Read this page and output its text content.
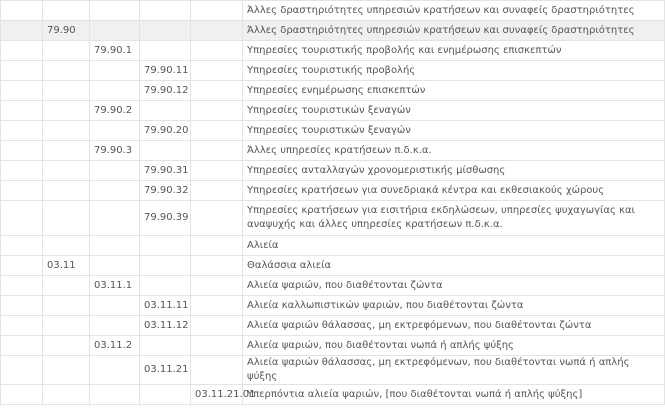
					Άλλες δραστηριότητες υπηρεσιών κρατήσεων και συναφείς δραστηριότητες
	79.90				Άλλες δραστηριότητες υπηρεσιών κρατήσεων και συναφείς δραστηριότητες
		79.90.1			Υπηρεσίες τουριστικής προβολής και ενημέρωσης επισκεπτών
			79.90.11		Υπηρεσίες τουριστικής προβολής
			79.90.12		Υπηρεσίες ενημέρωσης επισκεπτών
		79.90.2			Υπηρεσίες τουριστικών ξεναγών
			79.90.20		Υπηρεσίες τουριστικών ξεναγών
		79.90.3			Άλλες υπηρεσίες κρατήσεων π.δ.κ.α.
			79.90.31		Υπηρεσίες ανταλλαγών χρονομεριστικής μίσθωσης
			79.90.32		Υπηρεσίες κρατήσεων για συνεδριακά κέντρα και εκθεσιακούς χώρους
			79.90.39		Υπηρεσίες κρατήσεων για εισιτήρια εκδηλώσεων, υπηρεσίες ψυχαγωγίας και αναψυχής και άλλες υπηρεσίες κρατήσεων π.δ.κ.α.
					Αλιεία
	03.11				Θαλάσσια αλιεία
		03.11.1			Αλιεία ψαριών, που διαθέτονται ζώντα
			03.11.11		Αλιεία καλλωπιστικών ψαριών, που διαθέτονται ζώντα
			03.11.12		Αλιεία ψαριών θάλασσας, μη εκτρεφόμενων, που διαθέτονται ζώντα
		03.11.2			Αλιεία ψαριών, που διαθέτονται νωπά ή απλής ψύξης
			03.11.21		Αλιεία ψαριών θάλασσας, μη εκτρεφόμενων, που διαθέτονται νωπά ή απλής ψύξης
				03.11.21.01	Υπερπόντια αλιεία ψαριών, [που διαθέτονται νωπά ή απλής ψύξης]
